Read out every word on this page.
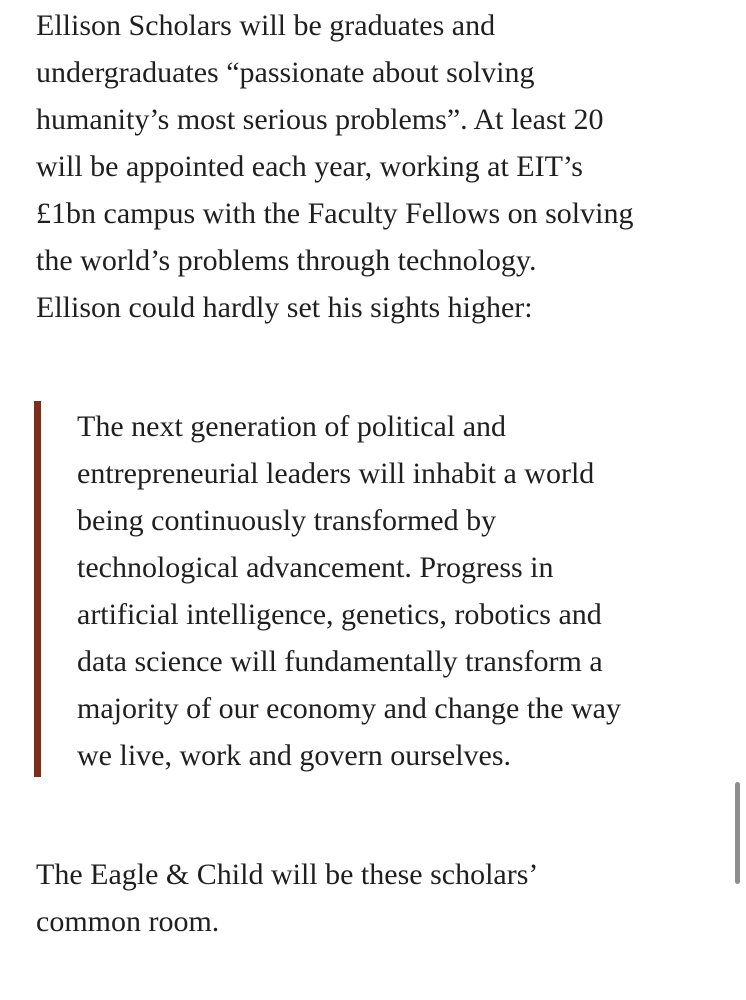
Ellison Scholars will be graduates and
undergraduates “passionate about solving
humanity’s most serious problems”. At least 20
will be appointed each year, working at EIT’s
£1bn campus with the Faculty Fellows on solving
the world’s problems through technology.
Ellison could hardly set his sights higher:

The next generation of political and
entrepreneurial leaders will inhabit a world
being continuously transformed by
technological advancement. Progress in
artificial intelligence, genetics, robotics and
data science will fundamentally transform a
majority of our economy and change the way
we live, work and govern ourselves.

The Eagle & Child will be these scholars’
common room.
